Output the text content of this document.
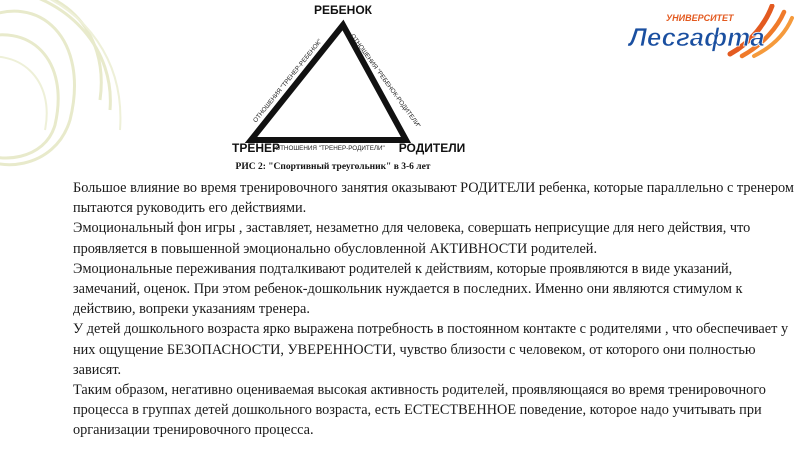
РЕБЕНОК
ТРЕНЕР	РОДИТЕЛИ
ОТНОШЕНИЯ "ТРЕНЕР-РЕБЕНОК"	ОТНОШЕНИЯ "РЕБЕНОК-РОДИТЕЛИ"
ОТНОШЕНИЯ "ТРЕНЕР-РОДИТЕЛИ"
РИС 2: "Спортивный треугольник" в 3-6 лет
УНИВЕРСИТЕТ
Лесгафта

Большое влияние во время тренировочного занятия оказывают РОДИТЕЛИ ребенка, которые параллельно с тренером пытаются руководить его действиями.

Эмоциональный фон игры , заставляет, незаметно для человека, совершать неприсущие для него действия, что проявляется в повышенной эмоционально обусловленной АКТИВНОСТИ родителей.

Эмоциональные переживания подталкивают родителей к действиям, которые проявляются в виде указаний, замечаний, оценок. При этом ребенок-дошкольник нуждается в последних. Именно они являются стимулом к действию, вопреки указаниям тренера.

У детей дошкольного возраста ярко выражена потребность в постоянном контакте с родителями , что обеспечивает у них ощущение БЕЗОПАСНОСТИ, УВЕРЕННОСТИ, чувство близости с человеком, от которого они полностью зависят.

Таким образом, негативно оцениваемая высокая активность родителей, проявляющаяся во время тренировочного процесса в группах детей дошкольного возраста, есть ЕСТЕСТВЕННОЕ поведение, которое надо учитывать при организации тренировочного процесса.
